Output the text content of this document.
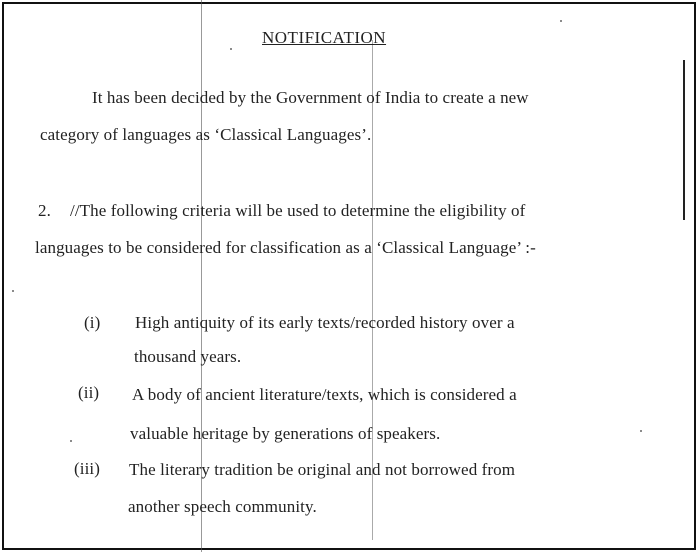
NOTIFICATION
It has been decided by the Government of India to create a new
category of languages as ‘Classical Languages’.
2. //The following criteria will be used to determine the eligibility of
languages to be considered for classification as a ‘Classical Language’ :-
(i) High antiquity of its early texts/recorded history over a
thousand years.
(ii) A body of ancient literature/texts, which is considered a
valuable heritage by generations of speakers.
(iii) The literary tradition be original and not borrowed from
another speech community.
